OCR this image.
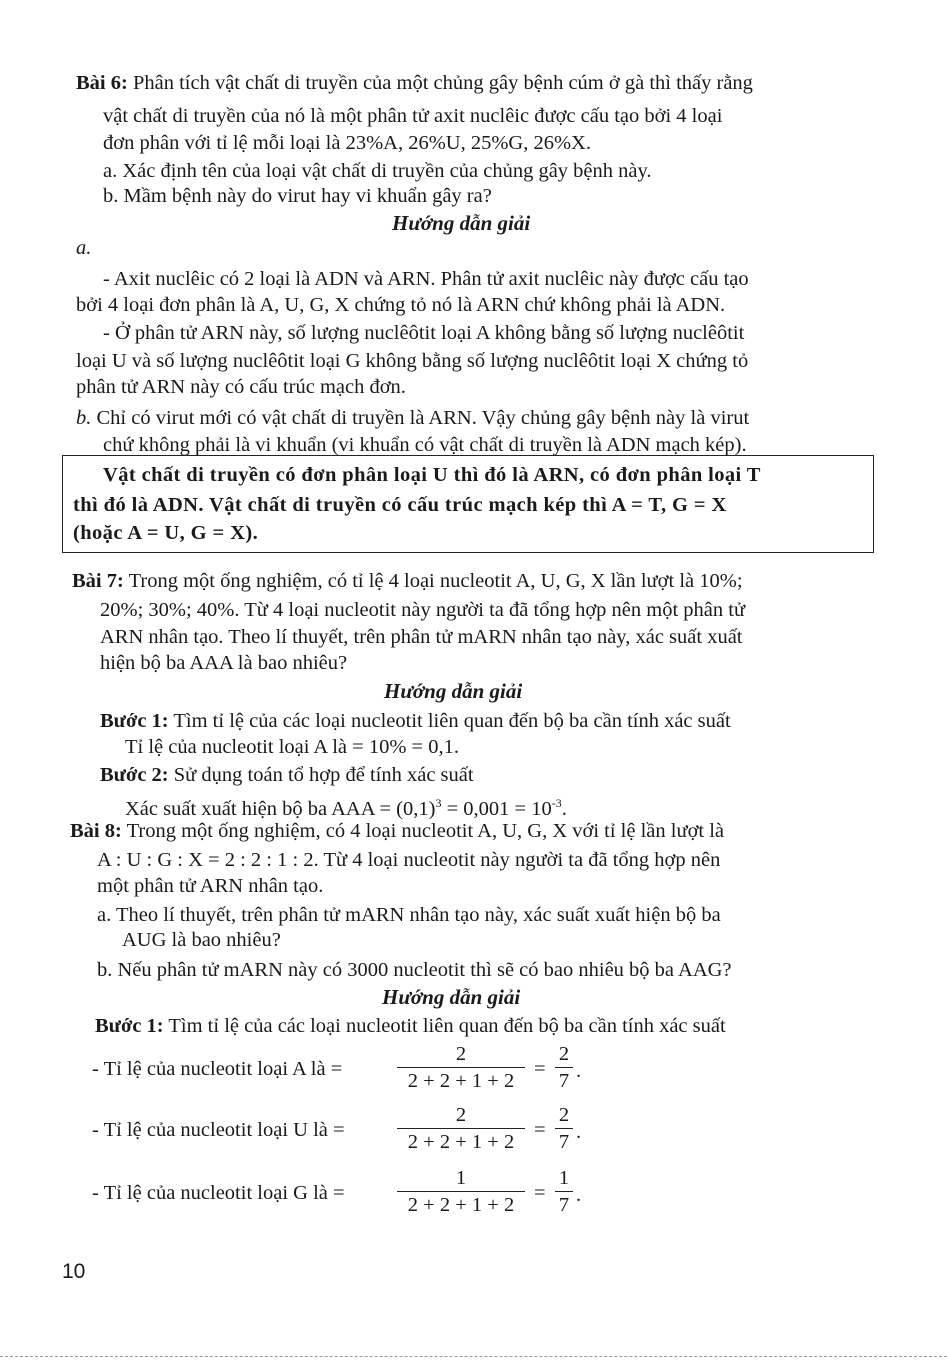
Bài 6: Phân tích vật chất di truyền của một chủng gây bệnh cúm ở gà thì thấy rằng
vật chất di truyền của nó là một phân tử axit nuclêic được cấu tạo bởi 4 loại
đơn phân với tỉ lệ mỗi loại là 23%A, 26%U, 25%G, 26%X.
a. Xác định tên của loại vật chất di truyền của chủng gây bệnh này.
b. Mầm bệnh này do virut hay vi khuẩn gây ra?
Hướng dẫn giải
a.
- Axit nuclêic có 2 loại là ADN và ARN. Phân tử axit nuclêic này được cấu tạo
bởi 4 loại đơn phân là A, U, G, X chứng tỏ nó là ARN chứ không phải là ADN.
- Ở phân tử ARN này, số lượng nuclêôtit loại A không bằng số lượng nuclêôtit
loại U và số lượng nuclêôtit loại G không bằng số lượng nuclêôtit loại X chứng tỏ
phân tử ARN này có cấu trúc mạch đơn.
b. Chỉ có virut mới có vật chất di truyền là ARN. Vậy chủng gây bệnh này là virut
chứ không phải là vi khuẩn (vi khuẩn có vật chất di truyền là ADN mạch kép).
Vật chất di truyền có đơn phân loại U thì đó là ARN, có đơn phân loại T
thì đó là ADN. Vật chất di truyền có cấu trúc mạch kép thì A = T, G = X
(hoặc A = U, G = X).
Bài 7: Trong một ống nghiệm, có tỉ lệ 4 loại nucleotit A, U, G, X lần lượt là 10%;
20%; 30%; 40%. Từ 4 loại nucleotit này người ta đã tổng hợp nên một phân tử
ARN nhân tạo. Theo lí thuyết, trên phân tử mARN nhân tạo này, xác suất xuất
hiện bộ ba AAA là bao nhiêu?
Hướng dẫn giải
Bước 1: Tìm tỉ lệ của các loại nucleotit liên quan đến bộ ba cần tính xác suất
Tỉ lệ của nucleotit loại A là = 10% = 0,1.
Bước 2: Sử dụng toán tổ hợp để tính xác suất
Xác suất xuất hiện bộ ba AAA = $(0,1)^3 = 0,001 = 10^{-3}$.
Bài 8: Trong một ống nghiệm, có 4 loại nucleotit A, U, G, X với tỉ lệ lần lượt là
A : U : G : X = 2 : 2 : 1 : 2. Từ 4 loại nucleotit này người ta đã tổng hợp nên
một phân tử ARN nhân tạo.
a. Theo lí thuyết, trên phân tử mARN nhân tạo này, xác suất xuất hiện bộ ba
AUG là bao nhiêu?
b. Nếu phân tử mARN này có 3000 nucleotit thì sẽ có bao nhiêu bộ ba AAG?
Hướng dẫn giải
Bước 1: Tìm tỉ lệ của các loại nucleotit liên quan đến bộ ba cần tính xác suất
- Tỉ lệ của nucleotit loại A là =
2
2 + 2 + 1 + 2
=
2
7 .
- Tỉ lệ của nucleotit loại U là =
2
2 + 2 + 1 + 2
=
2
7 .
- Tỉ lệ của nucleotit loại G là =
1
2 + 2 + 1 + 2
=
1
7 .
10
